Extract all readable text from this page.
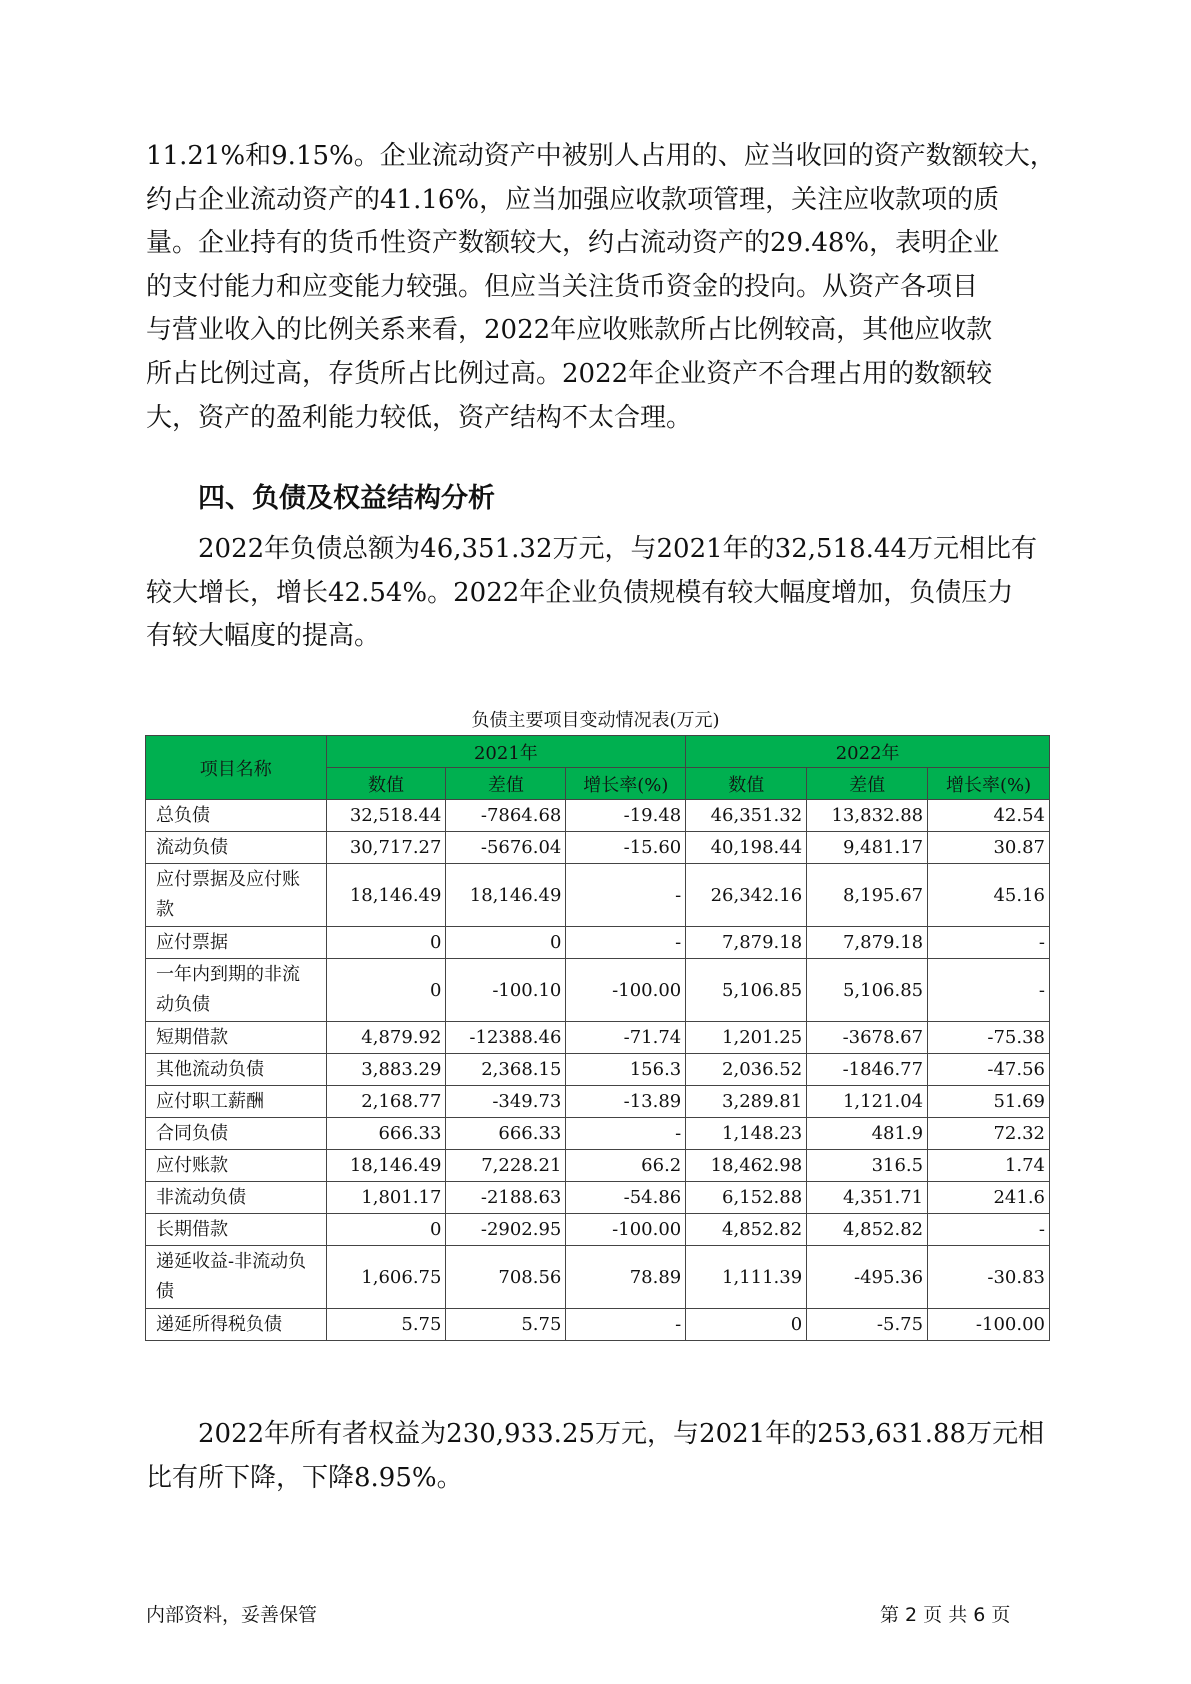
11.21%和9.15%。企业流动资产中被别人占用的、应当收回的资产数额较大，
约占企业流动资产的41.16%，应当加强应收款项管理，关注应收款项的质
量。企业持有的货币性资产数额较大，约占流动资产的29.48%，表明企业
的支付能力和应变能力较强。但应当关注货币资金的投向。从资产各项目
与营业收入的比例关系来看，2022年应收账款所占比例较高，其他应收款
所占比例过高，存货所占比例过高。2022年企业资产不合理占用的数额较
大，资产的盈利能力较低，资产结构不太合理。
四、负债及权益结构分析
2022年负债总额为46,351.32万元，与2021年的32,518.44万元相比有
较大增长，增长42.54%。2022年企业负债规模有较大幅度增加，负债压力
有较大幅度的提高。

负债主要项目变动情况表(万元)

项目名称	2021年			2022年		
	数值	差值	增长率(%)	数值	差值	增长率(%)
总负债	32,518.44	-7864.68	-19.48	46,351.32	13,832.88	42.54
流动负债	30,717.27	-5676.04	-15.60	40,198.44	9,481.17	30.87
应付票据及应付账
款	18,146.49	18,146.49	-	26,342.16	8,195.67	45.16
应付票据	0	0	-	7,879.18	7,879.18	-
一年内到期的非流
动负债	0	-100.10	-100.00	5,106.85	5,106.85	-
短期借款	4,879.92	-12388.46	-71.74	1,201.25	-3678.67	-75.38
其他流动负债	3,883.29	2,368.15	156.3	2,036.52	-1846.77	-47.56
应付职工薪酬	2,168.77	-349.73	-13.89	3,289.81	1,121.04	51.69
合同负债	666.33	666.33	-	1,148.23	481.9	72.32
应付账款	18,146.49	7,228.21	66.2	18,462.98	316.5	1.74
非流动负债	1,801.17	-2188.63	-54.86	6,152.88	4,351.71	241.6
长期借款	0	-2902.95	-100.00	4,852.82	4,852.82	-
递延收益-非流动负
债	1,606.75	708.56	78.89	1,111.39	-495.36	-30.83
递延所得税负债	5.75	5.75	-	0	-5.75	-100.00
2022年所有者权益为230,933.25万元，与2021年的253,631.88万元相
比有所下降，下降8.95%。

内部资料，妥善保管	第 2 页 共 6 页
